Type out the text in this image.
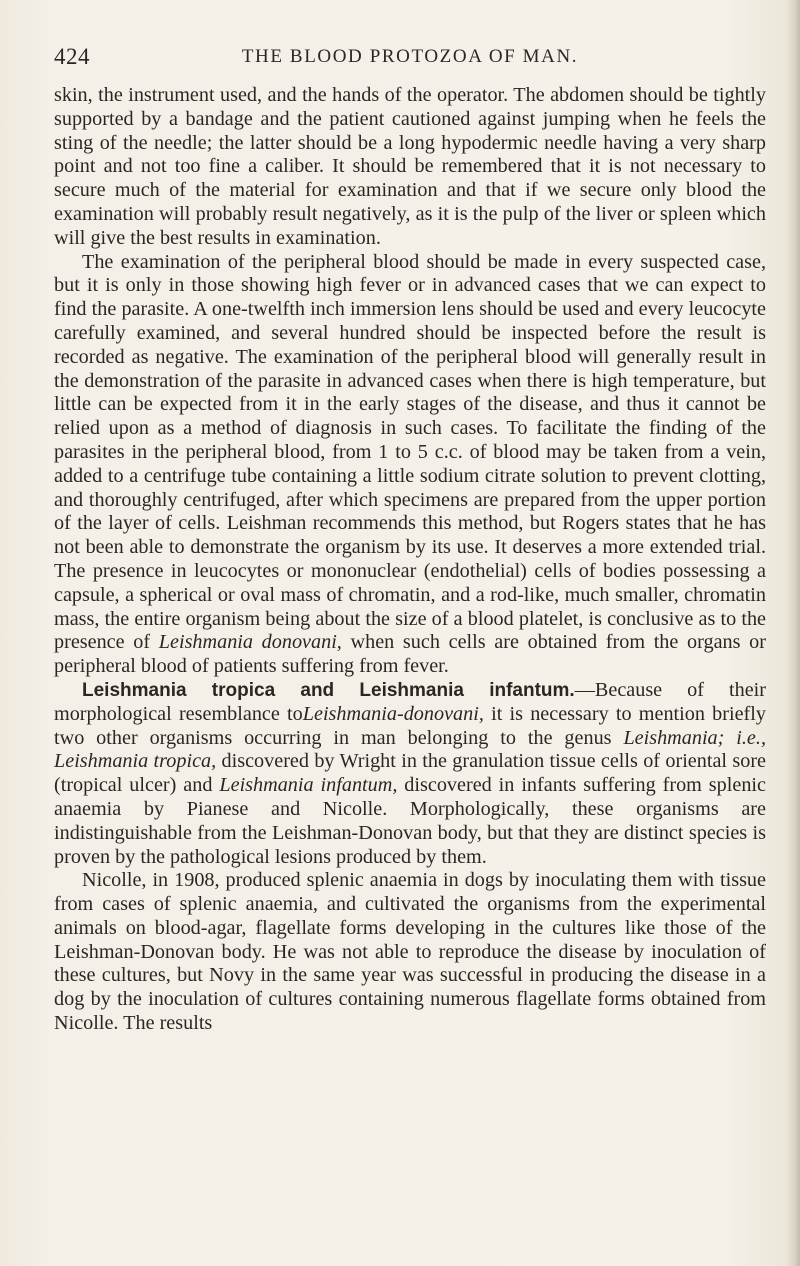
424	THE BLOOD PROTOZOA OF MAN.

skin, the instrument used, and the hands of the operator. The abdomen should be tightly supported by a bandage and the patient cautioned against jumping when he feels the sting of the needle; the latter should be a long hypodermic needle having a very sharp point and not too fine a caliber. It should be remembered that it is not necessary to secure much of the material for examination and that if we secure only blood the examination will probably result negatively, as it is the pulp of the liver or spleen which will give the best results in examination.

The examination of the peripheral blood should be made in every suspected case, but it is only in those showing high fever or in advanced cases that we can expect to find the parasite. A one-twelfth inch immersion lens should be used and every leucocyte carefully examined, and several hundred should be inspected before the result is recorded as negative. The examination of the peripheral blood will generally result in the demonstration of the parasite in advanced cases when there is high temperature, but little can be expected from it in the early stages of the disease, and thus it cannot be relied upon as a method of diagnosis in such cases. To facilitate the finding of the parasites in the peripheral blood, from 1 to 5 c.c. of blood may be taken from a vein, added to a centrifuge tube containing a little sodium citrate solution to prevent clotting, and thoroughly centrifuged, after which specimens are prepared from the upper portion of the layer of cells. Leishman recommends this method, but Rogers states that he has not been able to demonstrate the organism by its use. It deserves a more extended trial. The presence in leucocytes or mononuclear (endothelial) cells of bodies possessing a capsule, a spherical or oval mass of chromatin, and a rod-like, much smaller, chromatin mass, the entire organism being about the size of a blood platelet, is conclusive as to the presence of Leishmania donovani, when such cells are obtained from the organs or peripheral blood of patients suffering from fever.

Leishmania tropica and Leishmania infantum.—Because of their morphological resemblance toLeishmania-donovani, it is necessary to mention briefly two other organisms occurring in man belonging to the genus Leishmania; i.e., Leishmania tropica, discovered by Wright in the granulation tissue cells of oriental sore (tropical ulcer) and Leishmania infantum, discovered in infants suffering from splenic anaemia by Pianese and Nicolle. Morphologically, these organisms are indistinguishable from the Leishman-Donovan body, but that they are distinct species is proven by the pathological lesions produced by them.

Nicolle, in 1908, produced splenic anaemia in dogs by inoculating them with tissue from cases of splenic anaemia, and cultivated the organisms from the experimental animals on blood-agar, flagellate forms developing in the cultures like those of the Leishman-Donovan body. He was not able to reproduce the disease by inoculation of these cultures, but Novy in the same year was successful in producing the disease in a dog by the inoculation of cultures containing numerous flagellate forms obtained from Nicolle. The results
